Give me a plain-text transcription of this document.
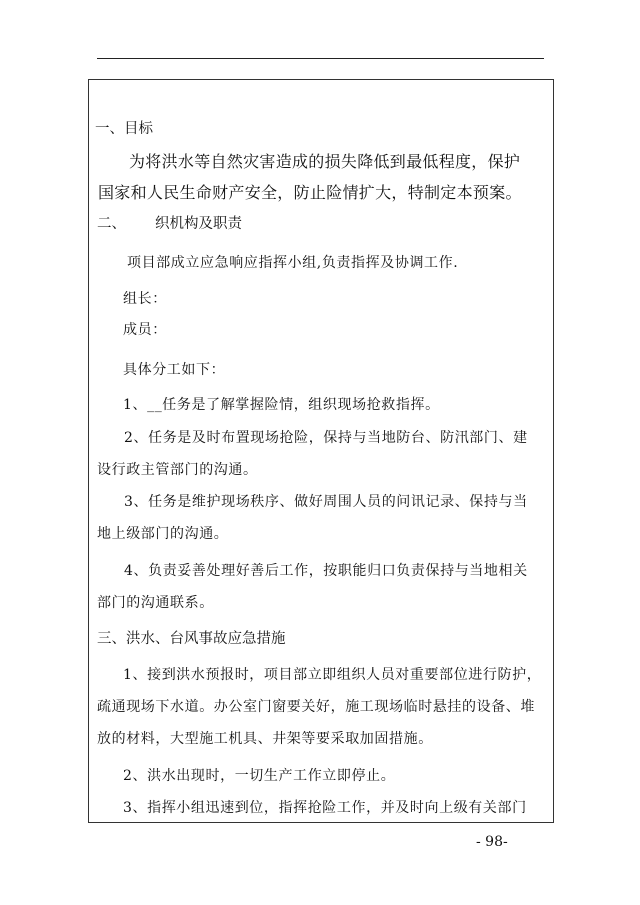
一、目标
为将洪水等自然灾害造成的损失降低到最低程度，保护
国家和人民生命财产安全，防止险情扩大，特制定本预案。
二、 织机构及职责
项目部成立应急响应指挥小组,负责指挥及协调工作.
组长：
成员：
具体分工如下：
1、__任务是了解掌握险情，组织现场抢救指挥。
2、任务是及时布置现场抢险，保持与当地防台、防汛部门、建
设行政主管部门的沟通。
3、任务是维护现场秩序、做好周围人员的问讯记录、保持与当
地上级部门的沟通。
4、负责妥善处理好善后工作，按职能归口负责保持与当地相关
部门的沟通联系。
三、洪水、台风事故应急措施
1、接到洪水预报时，项目部立即组织人员对重要部位进行防护，
疏通现场下水道。办公室门窗要关好，施工现场临时悬挂的设备、堆
放的材料，大型施工机具、井架等要采取加固措施。
2、洪水出现时，一切生产工作立即停止。
3、指挥小组迅速到位，指挥抢险工作，并及时向上级有关部门
- 98-
